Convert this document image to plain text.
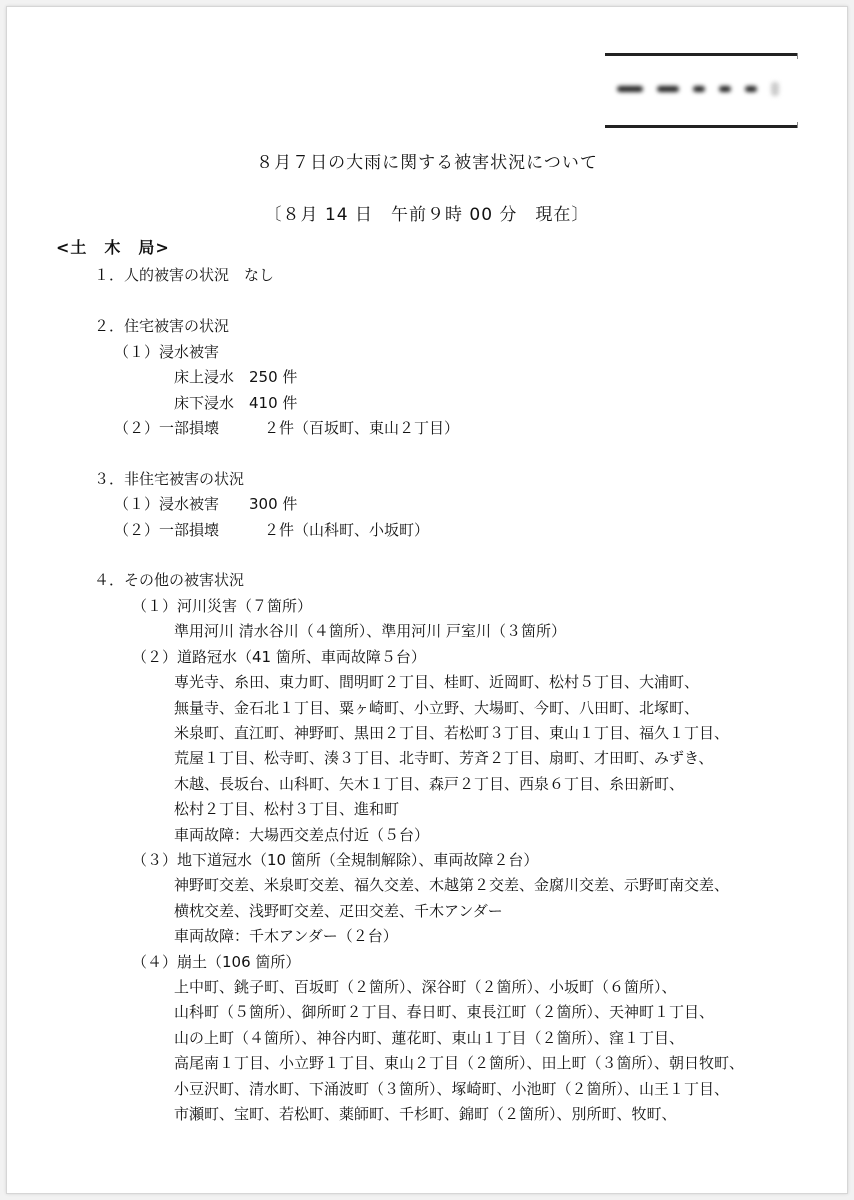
８月７日の大雨に関する被害状況について
〔８月 14 日　午前９時 00 分　現在〕
<土　木　局>
１．人的被害の状況　なし
２．住宅被害の状況
（１）浸水被害
床上浸水　250 件
床下浸水　410 件
（２）一部損壊　　　２件（百坂町、東山２丁目）
３．非住宅被害の状況
（１）浸水被害　　300 件
（２）一部損壊　　　２件（山科町、小坂町）
４．その他の被害状況
（１）河川災害（７箇所）
準用河川 清水谷川（４箇所）、準用河川 戸室川（３箇所）
（２）道路冠水（41 箇所、車両故障５台）
専光寺、糸田、東力町、間明町２丁目、桂町、近岡町、松村５丁目、大浦町、
無量寺、金石北１丁目、粟ヶ崎町、小立野、大場町、今町、八田町、北塚町、
米泉町、直江町、神野町、黒田２丁目、若松町３丁目、東山１丁目、福久１丁目、
荒屋１丁目、松寺町、湊３丁目、北寺町、芳斉２丁目、扇町、才田町、みずき、
木越、長坂台、山科町、矢木１丁目、森戸２丁目、西泉６丁目、糸田新町、
松村２丁目、松村３丁目、進和町
車両故障：大場西交差点付近（５台）
（３）地下道冠水（10 箇所（全規制解除）、車両故障２台）
神野町交差、米泉町交差、福久交差、木越第２交差、金腐川交差、示野町南交差、
横枕交差、浅野町交差、疋田交差、千木アンダー
車両故障：千木アンダー（２台）
（４）崩土（106 箇所）
上中町、銚子町、百坂町（２箇所）、深谷町（２箇所）、小坂町（６箇所）、
山科町（５箇所）、御所町２丁目、春日町、東長江町（２箇所）、天神町１丁目、
山の上町（４箇所）、神谷内町、蓮花町、東山１丁目（２箇所）、窪１丁目、
高尾南１丁目、小立野１丁目、東山２丁目（２箇所）、田上町（３箇所）、朝日牧町、
小豆沢町、清水町、下涌波町（３箇所）、塚崎町、小池町（２箇所）、山王１丁目、
市瀬町、宝町、若松町、薬師町、千杉町、錦町（２箇所）、別所町、牧町、
